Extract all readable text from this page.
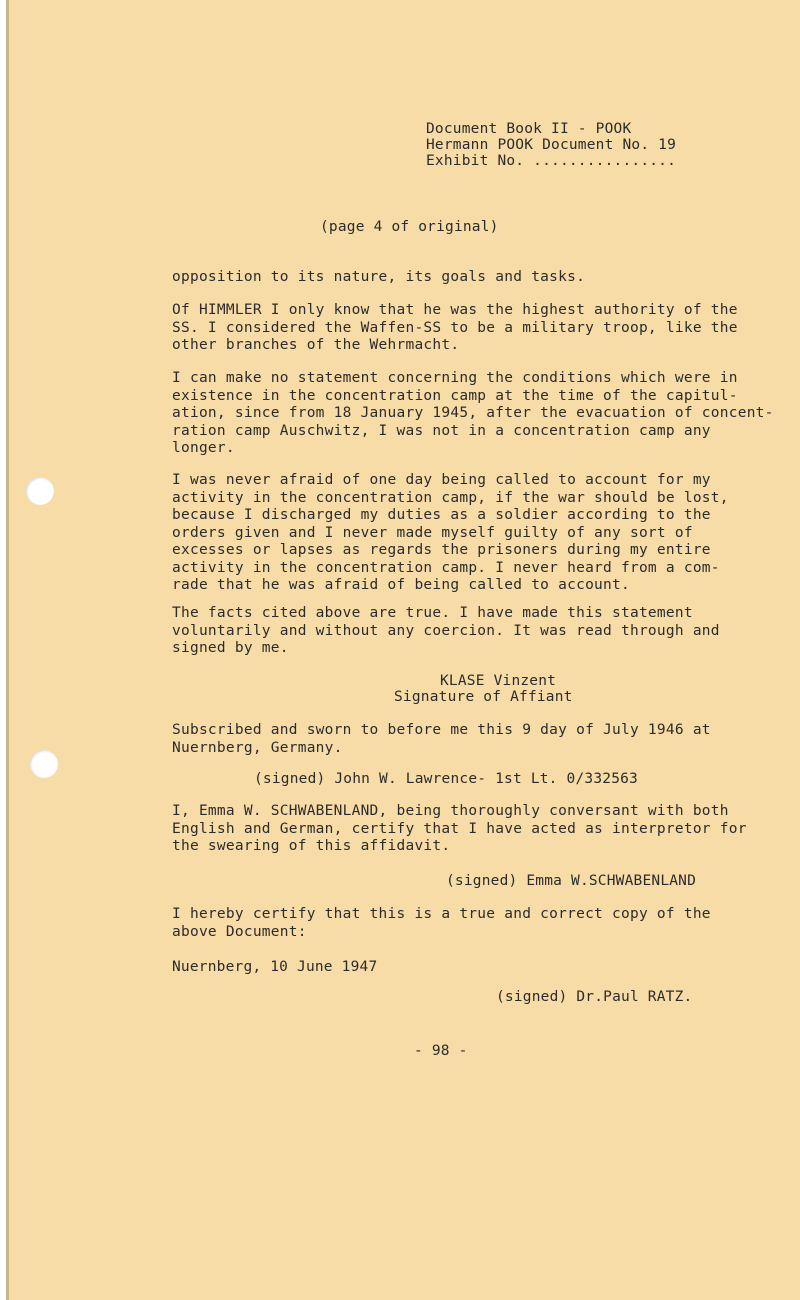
Document Book II - POOK
Hermann POOK Document No. 19
Exhibit No. ................
(page 4 of original)
opposition to its nature, its goals and tasks.
Of HIMMLER I only know that he was the highest authority of the
SS. I considered the Waffen-SS to be a military troop, like the
other branches of the Wehrmacht.
I can make no statement concerning the conditions which were in
existence in the concentration camp at the time of the capitul-
ation, since from 18 January 1945, after the evacuation of concent-
ration camp Auschwitz, I was not in a concentration camp any
longer.
I was never afraid of one day being called to account for my
activity in the concentration camp, if the war should be lost,
because I discharged my duties as a soldier according to the
orders given and I never made myself guilty of any sort of
excesses or lapses as regards the prisoners during my entire
activity in the concentration camp. I never heard from a com-
rade that he was afraid of being called to account.
The facts cited above are true. I have made this statement
voluntarily and without any coercion. It was read through and
signed by me.
KLASE Vinzent
Signature of Affiant
Subscribed and sworn to before me this 9 day of July 1946 at
Nuernberg, Germany.
(signed) John W. Lawrence- 1st Lt. 0/332563
I, Emma W. SCHWABENLAND, being thoroughly conversant with both
English and German, certify that I have acted as interpretor for
the swearing of this affidavit.
(signed) Emma W.SCHWABENLAND
I hereby certify that this is a true and correct copy of the
above Document:
Nuernberg, 10 June 1947
(signed) Dr.Paul RATZ.
- 98 -
